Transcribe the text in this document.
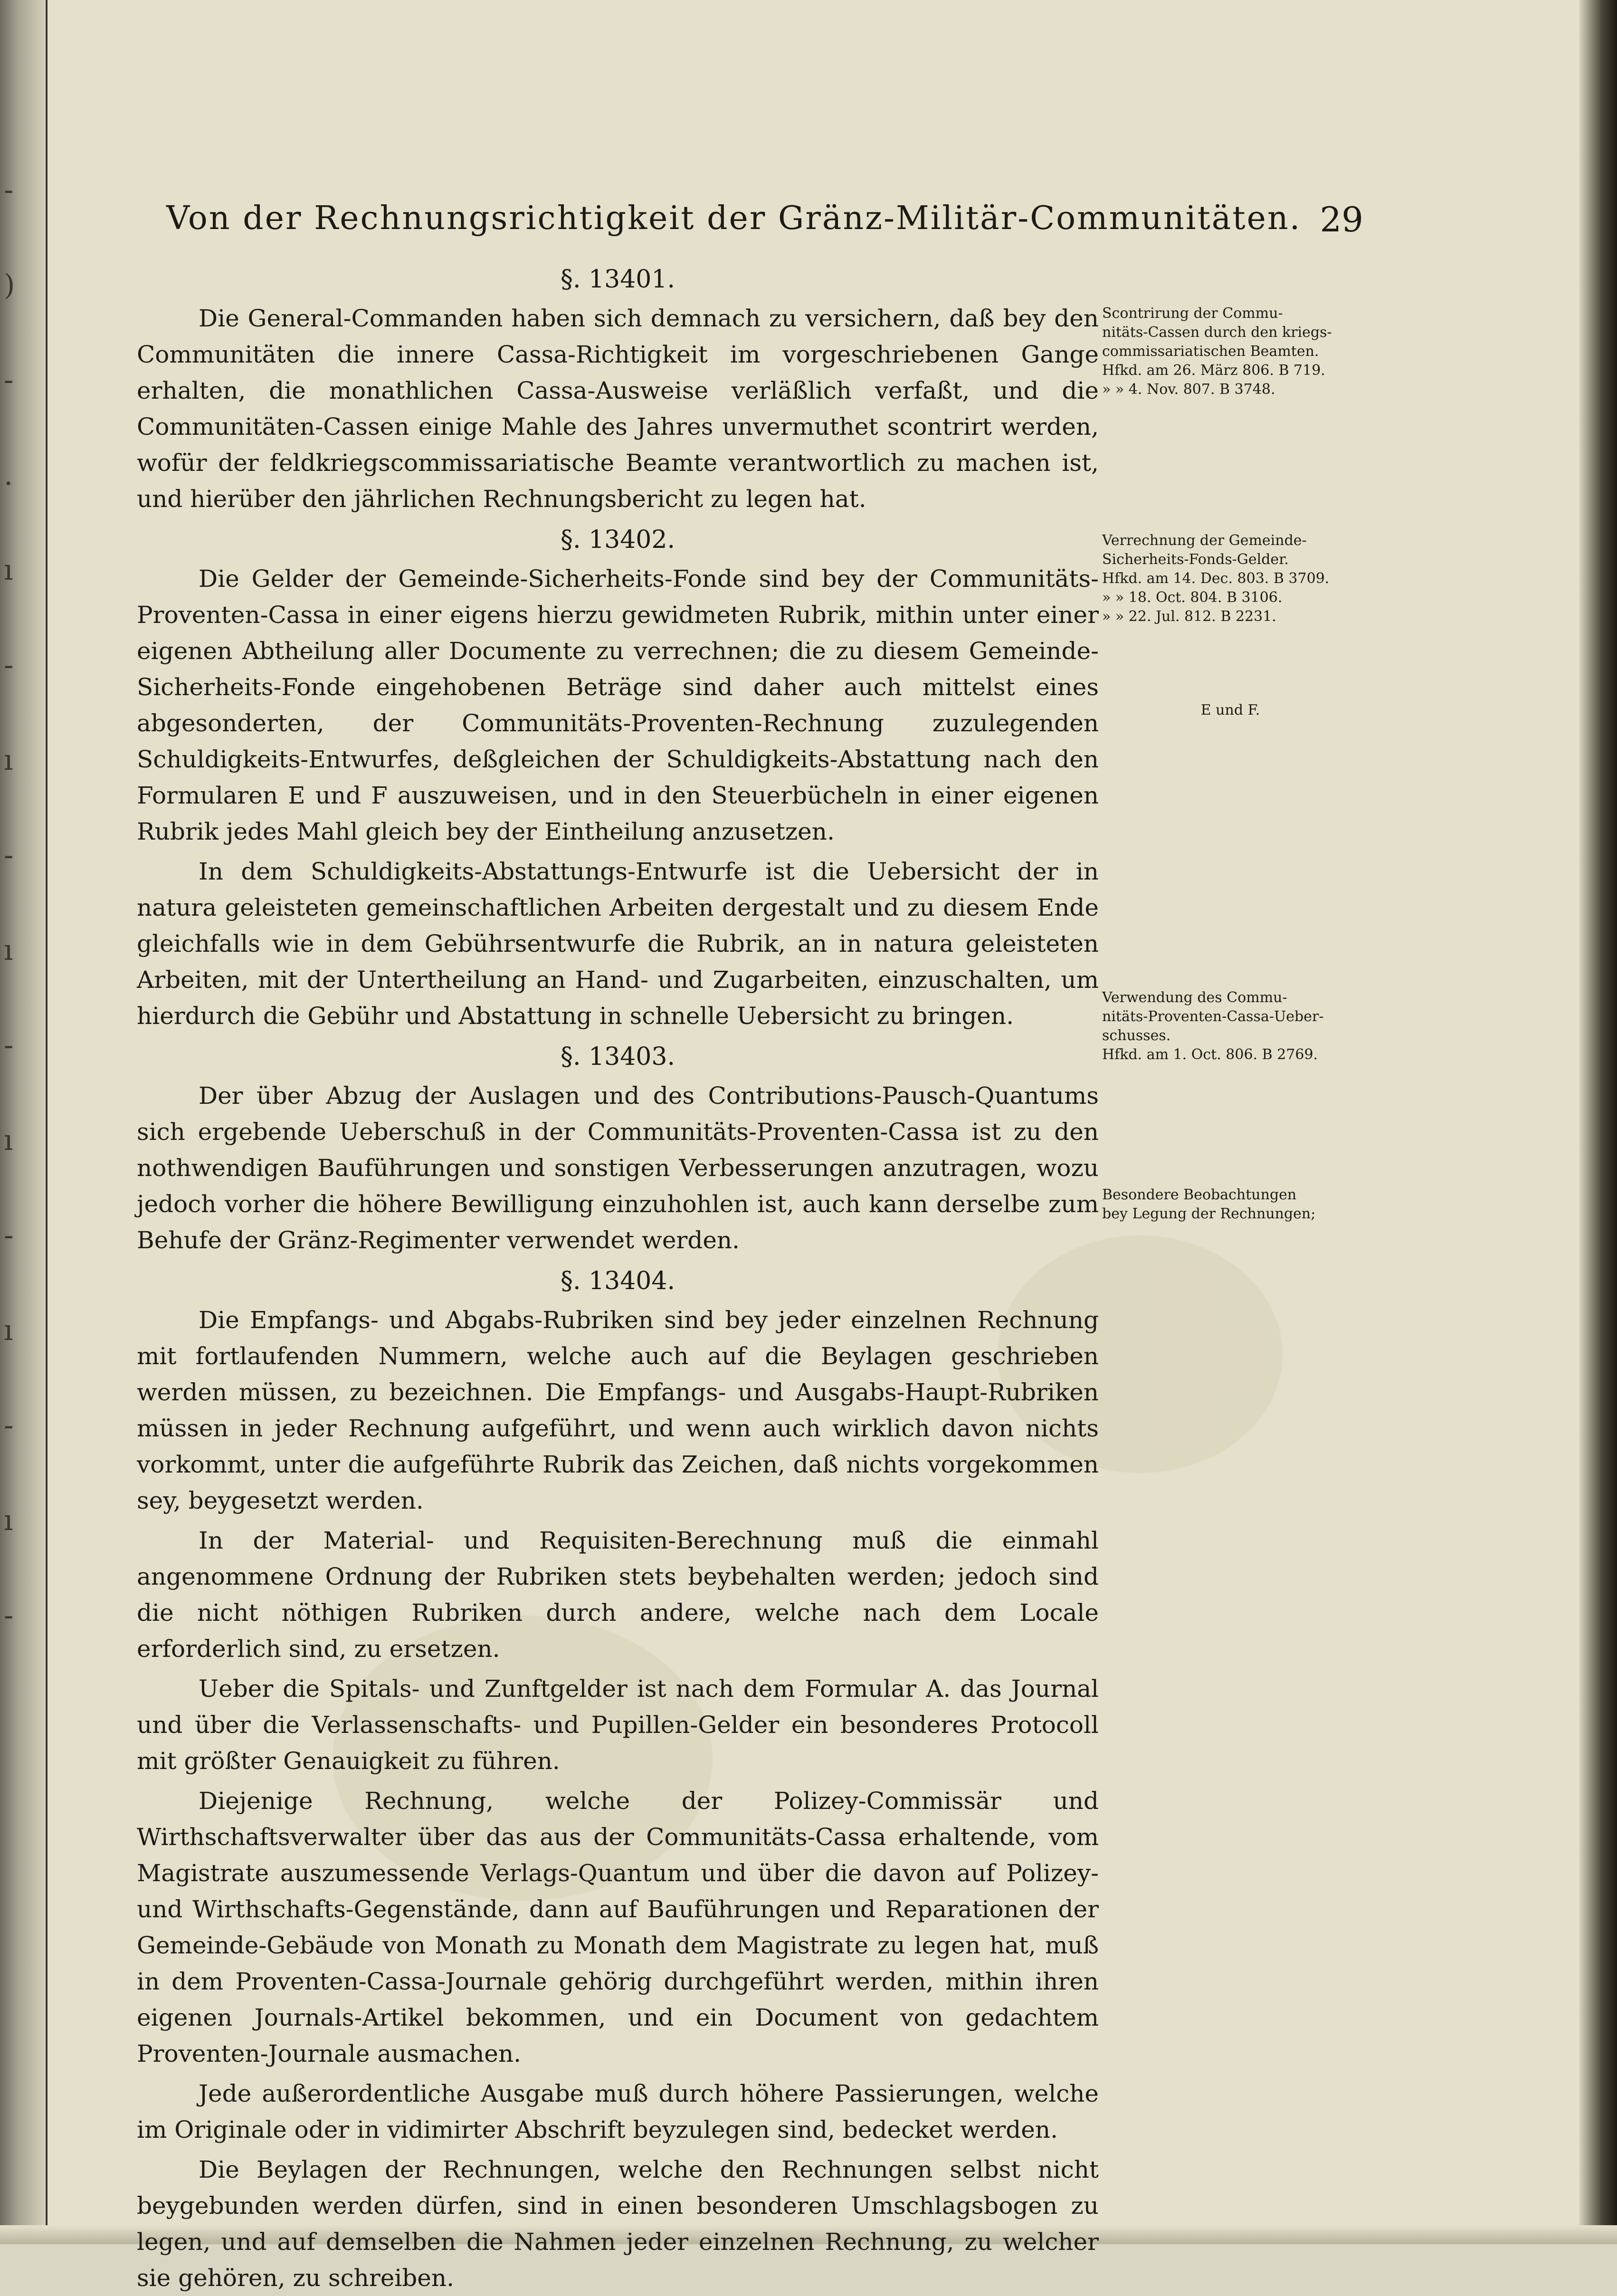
-
)
-
.
ı
-
ı
-
ı
-
ı
-
ı
-
ı
-
Von der Rechnungsrichtigkeit der Gränz-Militär-Communitäten. 29
§. 13401.

Die General-Commanden haben sich demnach zu versichern, daß bey den Communitäten die innere Cassa-Richtigkeit im vorgeschriebenen Gange erhalten, die monathlichen Cassa-Ausweise verläßlich verfaßt, und die Communitäten-Cassen einige Mahle des Jahres unvermuthet scontrirt werden, wofür der feldkriegscommissariatische Beamte verantwortlich zu machen ist, und hierüber den jährlichen Rechnungsbericht zu legen hat.

§. 13402.

Die Gelder der Gemeinde-Sicherheits-Fonde sind bey der Communitäts-Proventen-Cassa in einer eigens hierzu gewidmeten Rubrik, mithin unter einer eigenen Abtheilung aller Documente zu verrechnen; die zu diesem Gemeinde-Sicherheits-Fonde eingehobenen Beträge sind daher auch mittelst eines abgesonderten, der Communitäts-Proventen-Rechnung zuzulegenden Schuldigkeits-Entwurfes, deßgleichen der Schuldigkeits-Abstattung nach den Formularen E und F auszuweisen, und in den Steuerbücheln in einer eigenen Rubrik jedes Mahl gleich bey der Eintheilung anzusetzen.

In dem Schuldigkeits-Abstattungs-Entwurfe ist die Uebersicht der in natura geleisteten gemeinschaftlichen Arbeiten dergestalt und zu diesem Ende gleichfalls wie in dem Gebührsentwurfe die Rubrik, an in natura geleisteten Arbeiten, mit der Untertheilung an Hand- und Zugarbeiten, einzuschalten, um hierdurch die Gebühr und Abstattung in schnelle Uebersicht zu bringen.

§. 13403.

Der über Abzug der Auslagen und des Contributions-Pausch-Quantums sich ergebende Ueberschuß in der Communitäts-Proventen-Cassa ist zu den nothwendigen Bauführungen und sonstigen Verbesserungen anzutragen, wozu jedoch vorher die höhere Bewilligung einzuhohlen ist, auch kann derselbe zum Behufe der Gränz-Regimenter verwendet werden.

§. 13404.

Die Empfangs- und Abgabs-Rubriken sind bey jeder einzelnen Rechnung mit fortlaufenden Nummern, welche auch auf die Beylagen geschrieben werden müssen, zu bezeichnen. Die Empfangs- und Ausgabs-Haupt-Rubriken müssen in jeder Rechnung aufgeführt, und wenn auch wirklich davon nichts vorkommt, unter die aufgeführte Rubrik das Zeichen, daß nichts vorgekommen sey, beygesetzt werden.

In der Material- und Requisiten-Berechnung muß die einmahl angenommene Ordnung der Rubriken stets beybehalten werden; jedoch sind die nicht nöthigen Rubriken durch andere, welche nach dem Locale erforderlich sind, zu ersetzen.

Ueber die Spitals- und Zunftgelder ist nach dem Formular A. das Journal und über die Verlassenschafts- und Pupillen-Gelder ein besonderes Protocoll mit größter Genauigkeit zu führen.

Diejenige Rechnung, welche der Polizey-Commissär und Wirthschaftsverwalter über das aus der Communitäts-Cassa erhaltende, vom Magistrate auszumessende Verlags-Quantum und über die davon auf Polizey- und Wirthschafts-Gegenstände, dann auf Bauführungen und Reparationen der Gemeinde-Gebäude von Monath zu Monath dem Magistrate zu legen hat, muß in dem Proventen-Cassa-Journale gehörig durchgeführt werden, mithin ihren eigenen Journals-Artikel bekommen, und ein Document von gedachtem Proventen-Journale ausmachen.

Jede außerordentliche Ausgabe muß durch höhere Passierungen, welche im Originale oder in vidimirter Abschrift beyzulegen sind, bedecket werden.

Die Beylagen der Rechnungen, welche den Rechnungen selbst nicht beygebunden werden dürfen, sind in einen besonderen Umschlagsbogen zu legen, und auf demselben die Nahmen jeder einzelnen Rechnung, zu welcher sie gehören, zu schreiben.

Scontrirung der Commu-
nitäts-Cassen durch den kriegs-
commissariatischen Beamten.
Hfkd. am 26. März 806. B 719.
» » 4. Nov. 807. B 3748.
Verrechnung der Gemeinde-
Sicherheits-Fonds-Gelder.
Hfkd. am 14. Dec. 803. B 3709.
» » 18. Oct. 804. B 3106.
» » 22. Jul. 812. B 2231.
E und F.
Verwendung des Commu-
nitäts-Proventen-Cassa-Ueber-
schusses.
Hfkd. am 1. Oct. 806. B 2769.
Besondere Beobachtungen
bey Legung der Rechnungen;
